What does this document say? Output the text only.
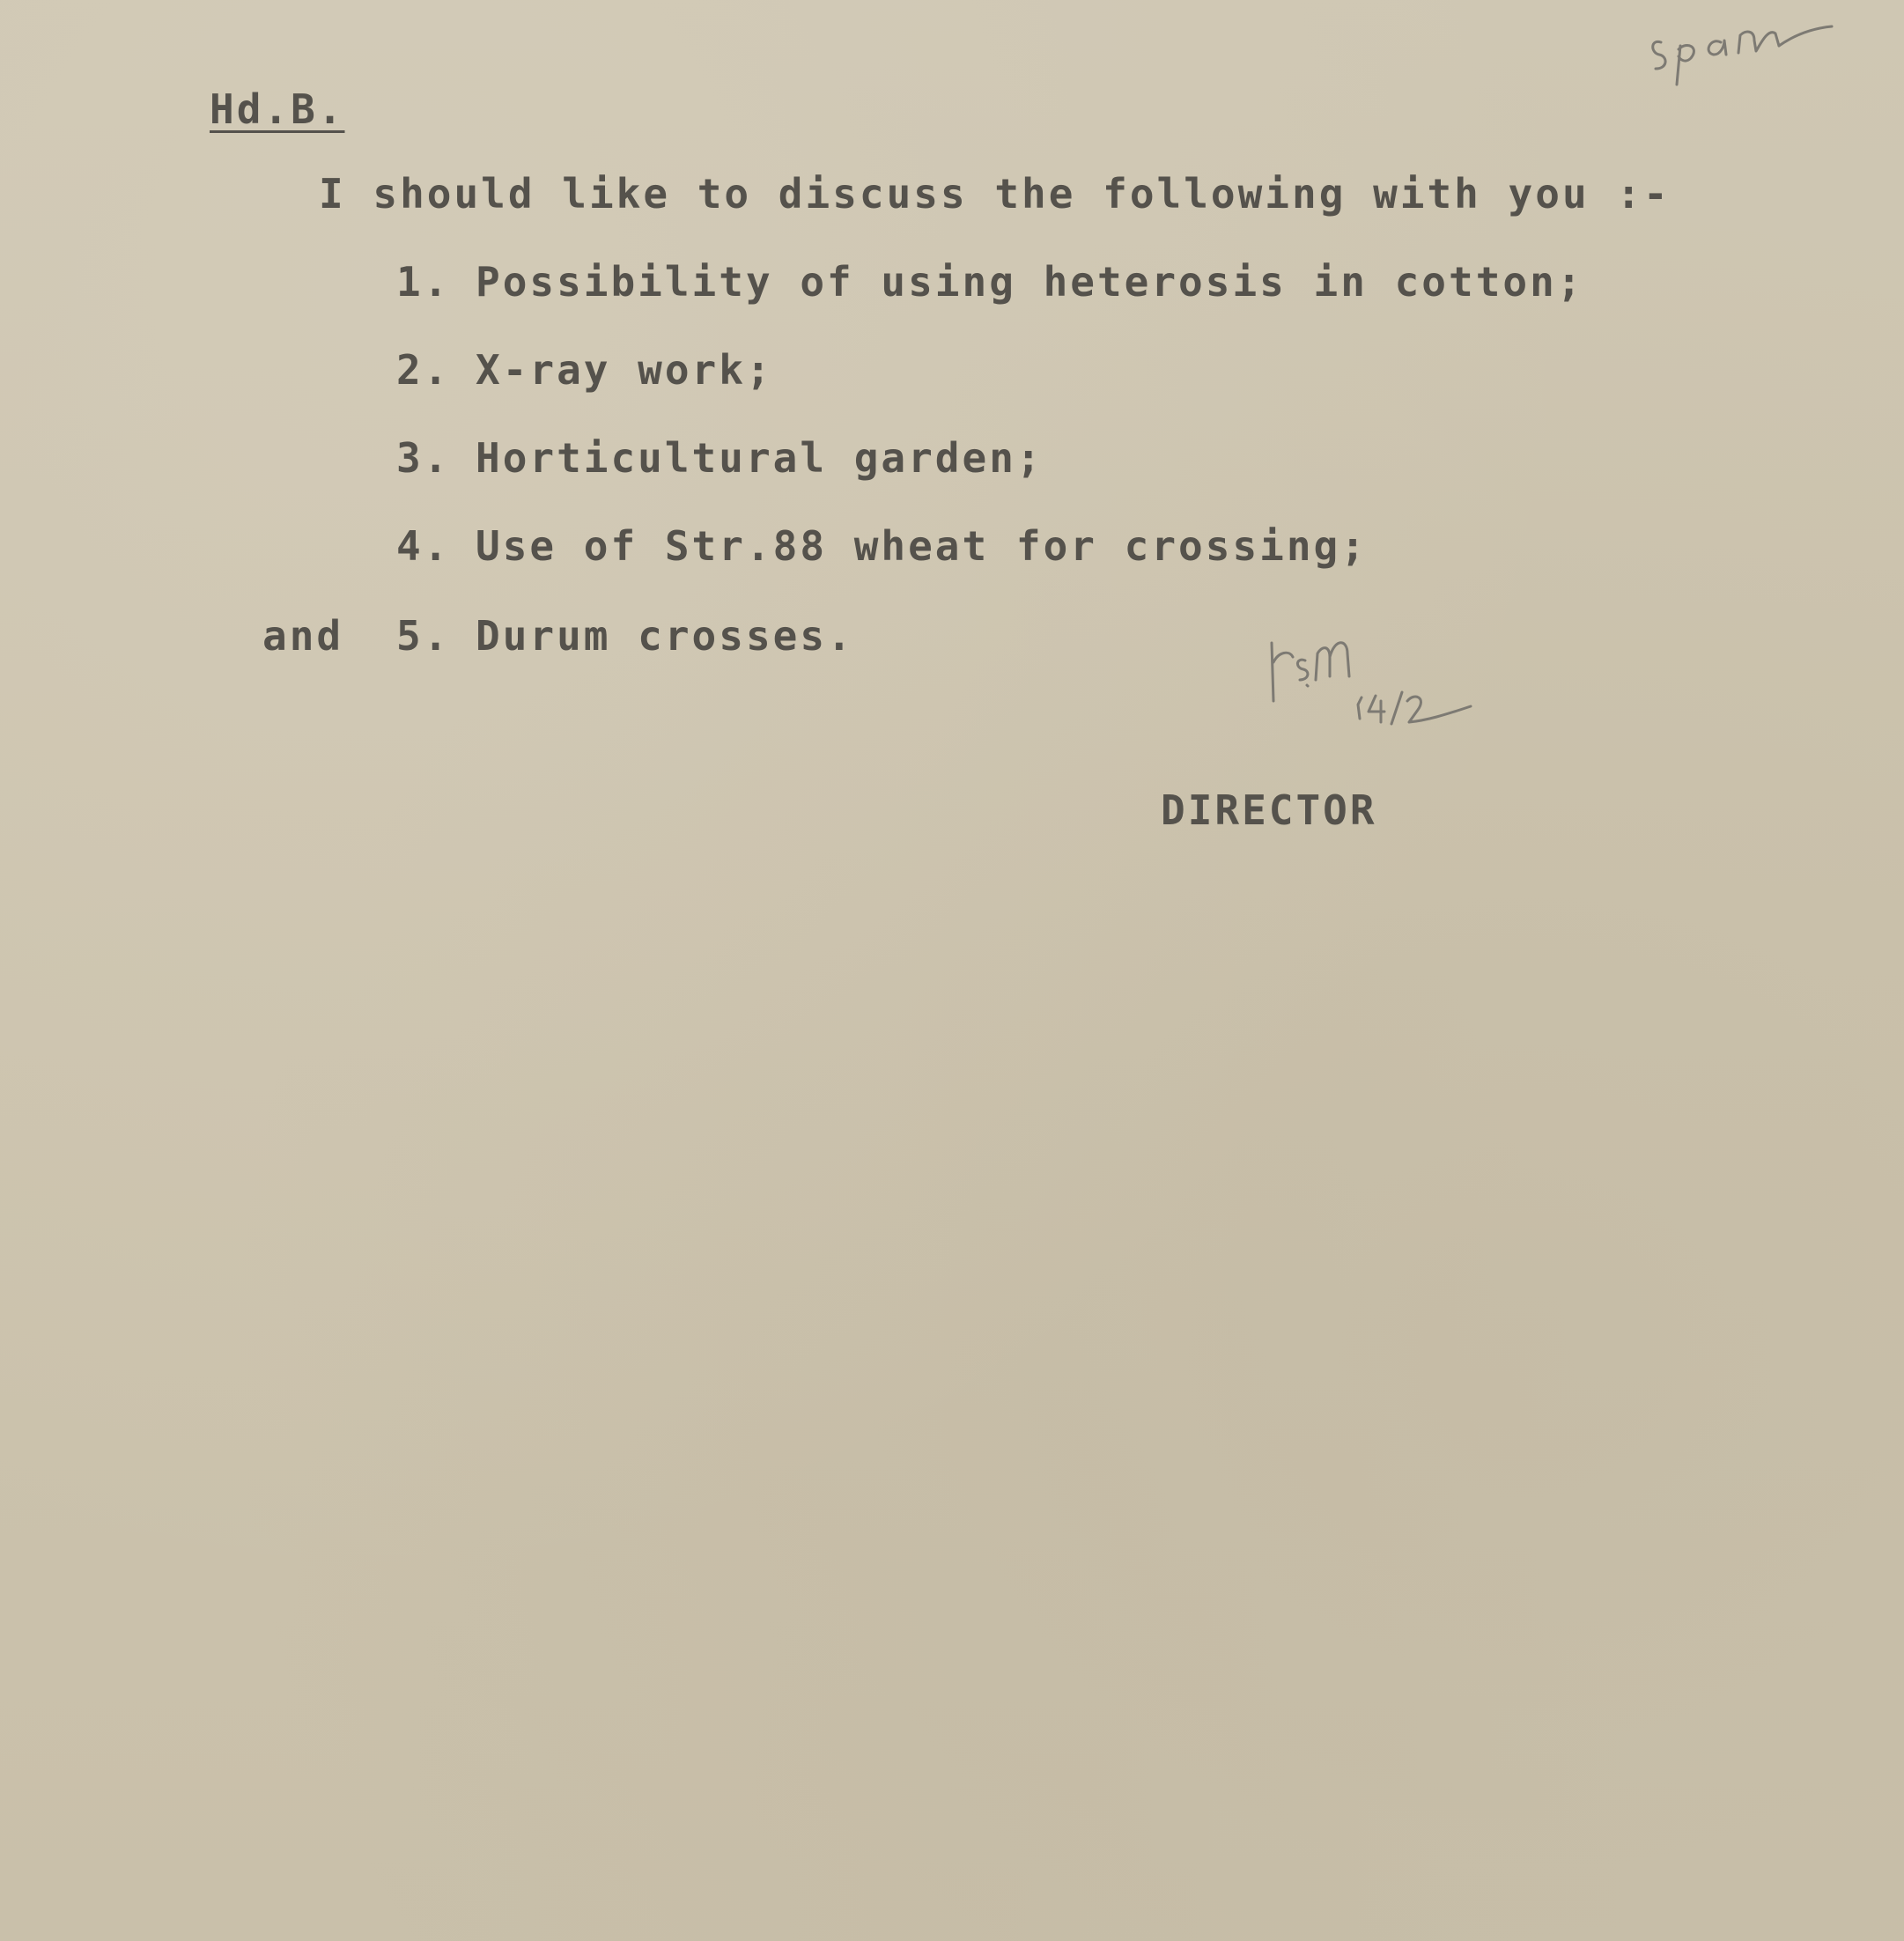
Hd.B.

I should like to discuss the following with you :-

1. Possibility of using heterosis in cotton;
2. X-ray work;
3. Horticultural garden;
4. Use of Str.88 wheat for crossing;
and 5. Durum crosses.

DIRECTOR
